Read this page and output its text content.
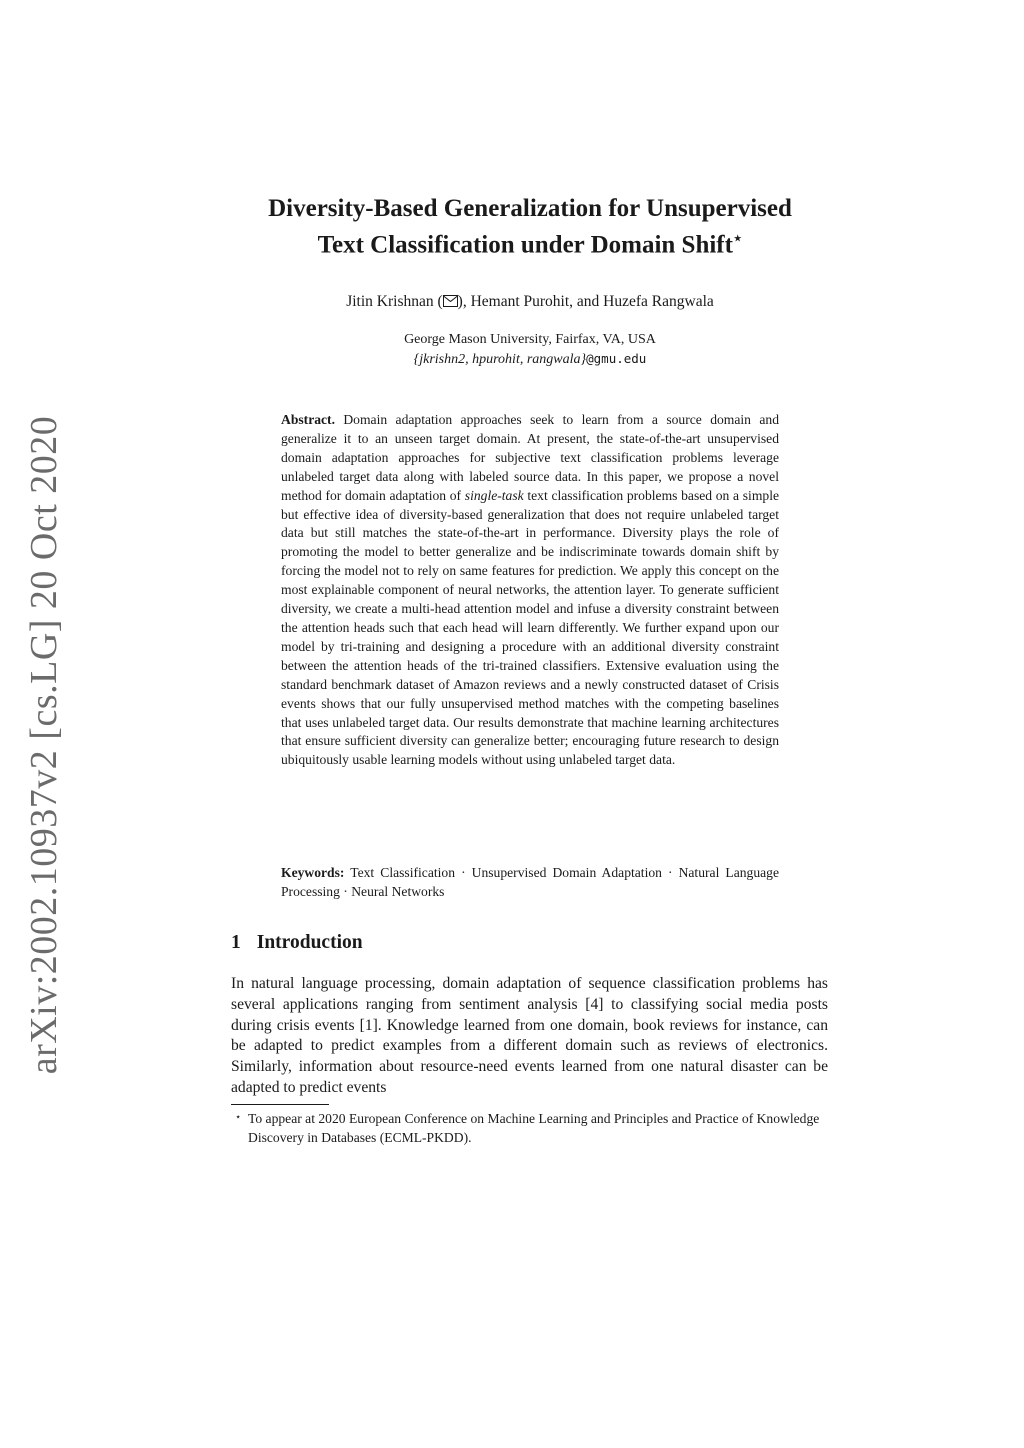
arXiv:2002.10937v2 [cs.LG] 20 Oct 2020
Diversity-Based Generalization for Unsupervised
Text Classification under Domain Shift⋆
Jitin Krishnan ( ), Hemant Purohit, and Huzefa Rangwala
George Mason University, Fairfax, VA, USA
{jkrishn2, hpurohit, rangwala}@gmu.edu
Abstract. Domain adaptation approaches seek to learn from a source domain and generalize it to an unseen target domain. At present, the state-of-the-art unsupervised domain adaptation approaches for subjective text classification problems leverage unlabeled target data along with labeled source data. In this paper, we propose a novel method for domain adaptation of single-task text classification problems based on a simple but effective idea of diversity-based generalization that does not require unlabeled target data but still matches the state-of-the-art in performance. Diversity plays the role of promoting the model to better generalize and be indiscriminate towards domain shift by forcing the model not to rely on same features for prediction. We apply this concept on the most explainable component of neural networks, the attention layer. To generate sufficient diversity, we create a multi-head attention model and infuse a diversity constraint between the attention heads such that each head will learn differently. We further expand upon our model by tri-training and designing a procedure with an additional diversity constraint between the attention heads of the tri-trained classifiers. Extensive evaluation using the standard benchmark dataset of Amazon reviews and a newly constructed dataset of Crisis events shows that our fully unsupervised method matches with the competing baselines that uses unlabeled target data. Our results demonstrate that machine learning architectures that ensure sufficient diversity can generalize better; encouraging future research to design ubiquitously usable learning models without using unlabeled target data.
Keywords: Text Classification · Unsupervised Domain Adaptation · Natural Language Processing · Neural Networks
1 Introduction
In natural language processing, domain adaptation of sequence classification problems has several applications ranging from sentiment analysis [4] to classifying social media posts during crisis events [1]. Knowledge learned from one domain, book reviews for instance, can be adapted to predict examples from a different domain such as reviews of electronics. Similarly, information about resource-need events learned from one natural disaster can be adapted to predict events
⋆ To appear at 2020 European Conference on Machine Learning and Principles and Practice of Knowledge Discovery in Databases (ECML-PKDD).
